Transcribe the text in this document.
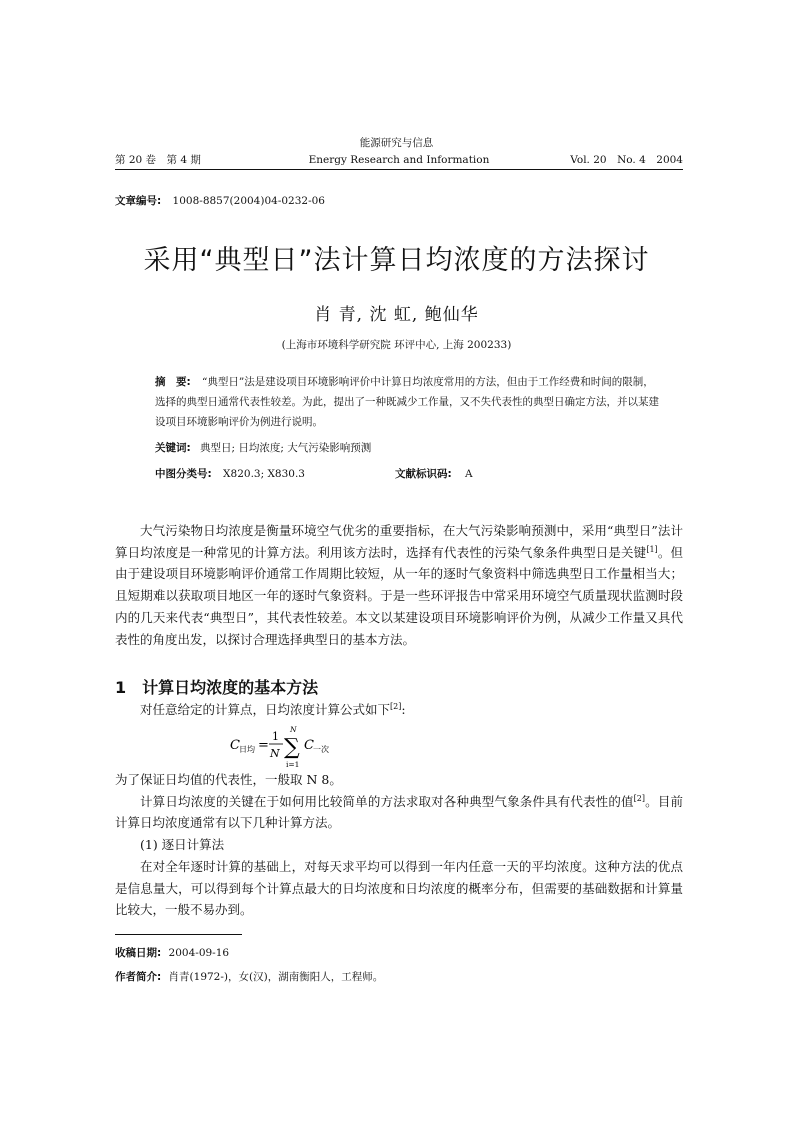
能源研究与信息
第 20 卷　第 4 期	Energy Research and Information	Vol. 20　No. 4　2004
文章编号: 1008-8857(2004)04-0232-06
采用“典型日”法计算日均浓度的方法探讨
肖 青, 沈 虹, 鲍仙华
(上海市环境科学研究院 环评中心, 上海 200233)

摘　要: “典型日”法是建设项目环境影响评价中计算日均浓度常用的方法，但由于工作经费和时间的限制，选择的典型日通常代表性较差。为此，提出了一种既减少工作量，又不失代表性的典型日确定方法，并以某建设项目环境影响评价为例进行说明。

关键词: 典型日; 日均浓度; 大气污染影响预测

中图分类号: X820.3; X830.3	文献标识码: A

大气污染物日均浓度是衡量环境空气优劣的重要指标，在大气污染影响预测中，采用“典型日”法计算日均浓度是一种常见的计算方法。利用该方法时，选择有代表性的污染气象条件典型日是关键[1]。但由于建设项目环境影响评价通常工作周期比较短，从一年的逐时气象资料中筛选典型日工作量相当大；且短期难以获取项目地区一年的逐时气象资料。于是一些环评报告中常采用环境空气质量现状监测时段内的几天来代表“典型日”，其代表性较差。本文以某建设项目环境影响评价为例，从减少工作量又具代表性的角度出发，以探讨合理选择典型日的基本方法。

1　计算日均浓度的基本方法

对任意给定的计算点，日均浓度计算公式如下[2]:

C 日均 =
1
N
N
∑
i=1
C 一次

为了保证日均值的代表性，一般取 N 8。

计算日均浓度的关键在于如何用比较简单的方法求取对各种典型气象条件具有代表性的值[2]。目前计算日均浓度通常有以下几种计算方法。

(1) 逐日计算法

在对全年逐时计算的基础上，对每天求平均可以得到一年内任意一天的平均浓度。这种方法的优点是信息量大，可以得到每个计算点最大的日均浓度和日均浓度的概率分布，但需要的基础数据和计算量比较大，一般不易办到。

收稿日期: 2004-09-16
作者简介: 肖青(1972-)，女(汉)，湖南衡阳人，工程师。
